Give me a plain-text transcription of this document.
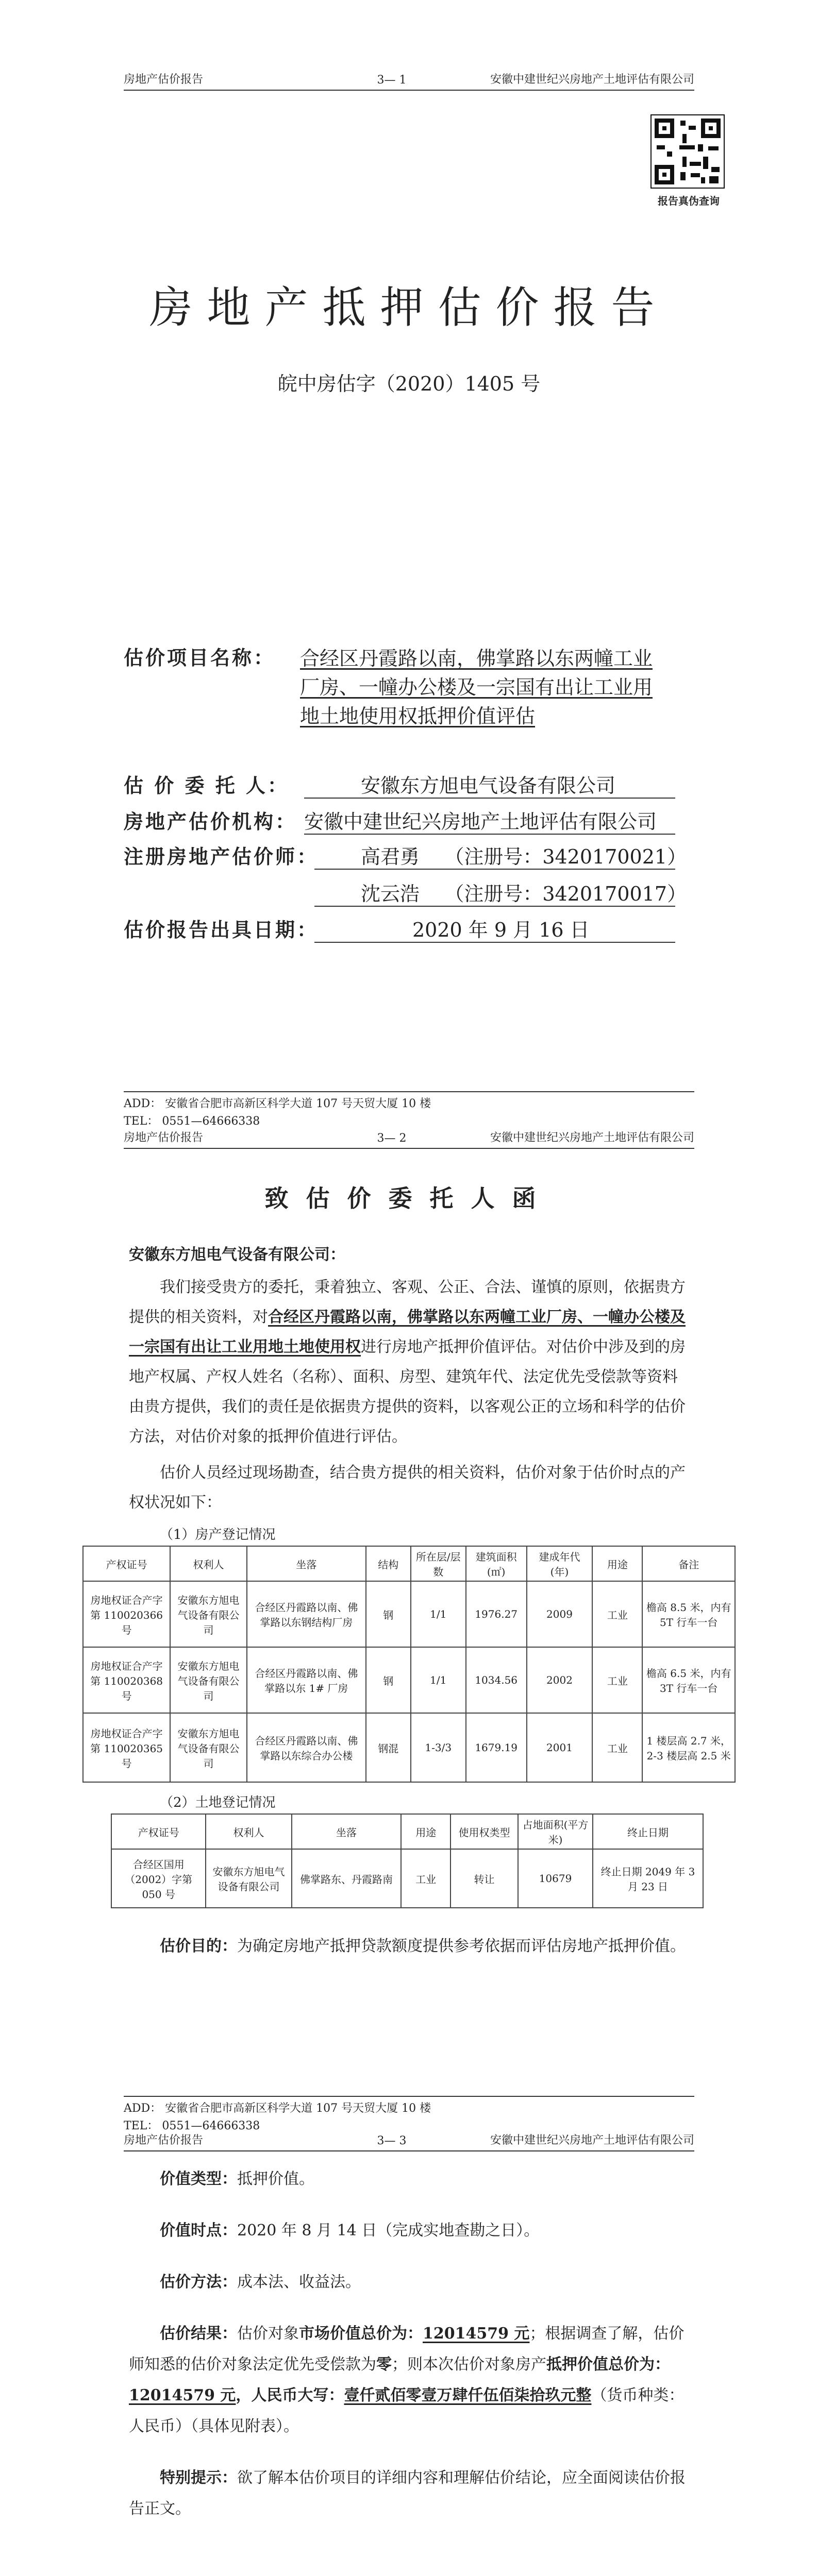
房地产估价报告	3— 1	安徽中建世纪兴房地产土地评估有限公司
报告真伪查询
房地产抵押估价报告
皖中房估字（2020）1405 号
估价项目名称： 合经区丹霞路以南，佛掌路以东两幢工业
厂房、一幢办公楼及一宗国有出让工业用
地土地使用权抵押价值评估
估 价 委 托 人：	安徽东方旭电气设备有限公司
房地产估价机构： 安徽中建世纪兴房地产土地评估有限公司
注册房地产估价师： 高君勇    （注册号：3420170021）
沈云浩    （注册号：3420170017）
估价报告出具日期：	2020 年 9 月 16 日
ADD： 安徽省合肥市高新区科学大道 107 号天贸大厦 10 楼
TEL： 0551—64666338
房地产估价报告	3— 2	安徽中建世纪兴房地产土地评估有限公司
致估价委托人函
安徽东方旭电气设备有限公司：
我们接受贵方的委托，秉着独立、客观、公正、合法、谨慎的原则，依据贵方提供的相关资料，对合经区丹霞路以南，佛掌路以东两幢工业厂房、一幢办公楼及一宗国有出让工业用地土地使用权进行房地产抵押价值评估。对估价中涉及到的房地产权属、产权人姓名（名称）、面积、房型、建筑年代、法定优先受偿款等资料由贵方提供，我们的责任是依据贵方提供的资料，以客观公正的立场和科学的估价方法，对估价对象的抵押价值进行评估。
估价人员经过现场勘查，结合贵方提供的相关资料，估价对象于估价时点的产权状况如下：
（1）房产登记情况
产权证号	权利人	坐落	结构	所在层/层数	建筑面积(㎡)	建成年代(年)	用途	备注
房地权证合产字第 110020366 号	安徽东方旭电气设备有限公司	合经区丹霞路以南、佛掌路以东钢结构厂房	钢	1/1	1976.27	2009	工业	檐高 8.5 米，内有 5T 行车一台
房地权证合产字第 110020368 号	安徽东方旭电气设备有限公司	合经区丹霞路以南、佛掌路以东 1# 厂房	钢	1/1	1034.56	2002	工业	檐高 6.5 米，内有 3T 行车一台
房地权证合产字第 110020365 号	安徽东方旭电气设备有限公司	合经区丹霞路以南、佛掌路以东综合办公楼	钢混	1-3/3	1679.19	2001	工业	1 楼层高 2.7 米，2-3 楼层高 2.5 米
（2）土地登记情况
产权证号	权利人	坐落	用途	使用权类型	占地面积(平方米)	终止日期
合经区国用（2002）字第 050 号	安徽东方旭电气设备有限公司	佛掌路东、丹霞路南	工业	转让	10679	终止日期 2049 年 3 月 23 日
估价目的：为确定房地产抵押贷款额度提供参考依据而评估房地产抵押价值。
ADD： 安徽省合肥市高新区科学大道 107 号天贸大厦 10 楼
TEL： 0551—64666338
房地产估价报告	3— 3	安徽中建世纪兴房地产土地评估有限公司
价值类型：抵押价值。
价值时点：2020 年 8 月 14 日（完成实地查勘之日）。
估价方法：成本法、收益法。
估价结果：估价对象市场价值总价为：12014579 元；根据调查了解，估价师知悉的估价对象法定优先受偿款为零；则本次估价对象房产抵押价值总价为：12014579 元，人民币大写：壹仟贰佰零壹万肆仟伍佰柒拾玖元整（货币种类：人民币）（具体见附表）。
特别提示：欲了解本估价项目的详细内容和理解估价结论，应全面阅读估价报告正文。
